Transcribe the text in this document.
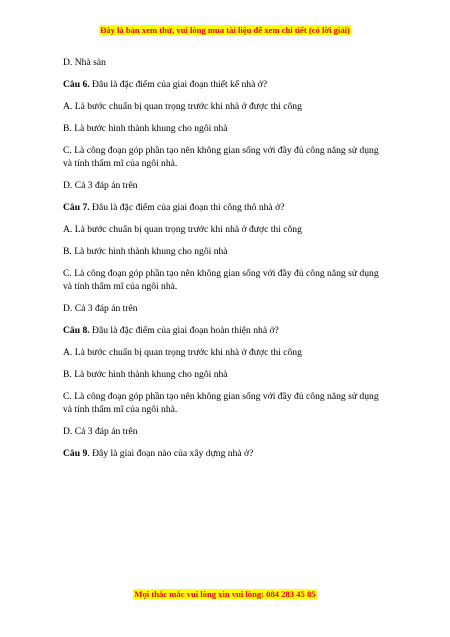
Đây là bản xem thử, vui lòng mua tài liệu để xem chi tiết (có lời giải)

D. Nhà sàn

Câu 6. Đâu là đặc điểm của giai đoạn thiết kế nhà ở?

A. Là bước chuẩn bị quan trọng trước khi nhà ở được thi công

B. Là bước hình thành khung cho ngôi nhà

C. Là công đoạn góp phần tạo nên không gian sống với đầy đủ công năng sử dụng và tính thẩm mĩ của ngôi nhà.

D. Cả 3 đáp án trên

Câu 7. Đâu là đặc điểm của giai đoạn thi công thô nhà ở?

A. Là bước chuẩn bị quan trọng trước khi nhà ở được thi công

B. Là bước hình thành khung cho ngôi nhà

C. Là công đoạn góp phần tạo nên không gian sống với đầy đủ công năng sử dụng và tính thẩm mĩ của ngôi nhà.

D. Cả 3 đáp án trên

Câu 8. Đâu là đặc điểm của giai đoạn hoàn thiện nhà ở?

A. Là bước chuẩn bị quan trọng trước khi nhà ở được thi công

B. Là bước hình thành khung cho ngôi nhà

C. Là công đoạn góp phần tạo nên không gian sống với đầy đủ công năng sử dụng và tính thẩm mĩ của ngôi nhà.

D. Cả 3 đáp án trên

Câu 9. Đây là giai đoạn nào của xây dựng nhà ở?

Mọi thắc mắc vui lòng xin vui lòng: 084 283 45 85
